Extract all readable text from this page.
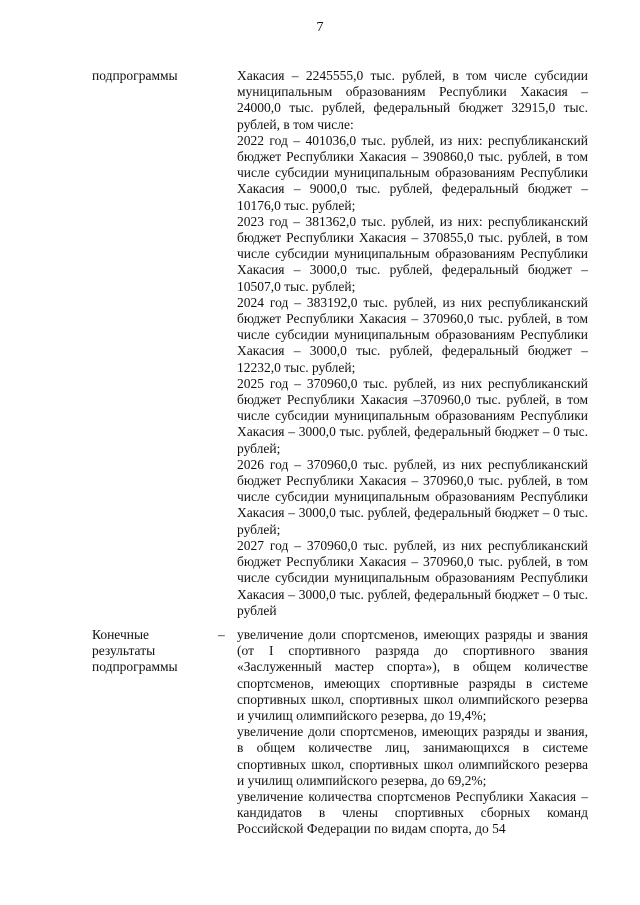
7
подпрограммы	Хакасия – 2245555,0 тыс. рублей, в том числе субсидии муниципальным образованиям Республики Хакасия – 24000,0 тыс. рублей, федеральный бюджет 32915,0 тыс. рублей, в том числе:

2022 год – 401036,0 тыс. рублей, из них: республиканский бюджет Республики Хакасия – 390860,0 тыс. рублей, в том числе субсидии муниципальным образованиям Республики Хакасия – 9000,0 тыс. рублей, федеральный бюджет – 10176,0 тыс. рублей;

2023 год – 381362,0 тыс. рублей, из них: республиканский бюджет Республики Хакасия – 370855,0 тыс. рублей, в том числе субсидии муниципальным образованиям Республики Хакасия – 3000,0 тыс. рублей, федеральный бюджет – 10507,0 тыс. рублей;

2024 год – 383192,0 тыс. рублей, из них республиканский бюджет Республики Хакасия – 370960,0 тыс. рублей, в том числе субсидии муниципальным образованиям Республики Хакасия – 3000,0 тыс. рублей, федеральный бюджет – 12232,0 тыс. рублей;

2025 год – 370960,0 тыс. рублей, из них республиканский бюджет Республики Хакасия –370960,0 тыс. рублей, в том числе субсидии муниципальным образованиям Республики Хакасия – 3000,0 тыс. рублей, федеральный бюджет – 0 тыс. рублей;

2026 год – 370960,0 тыс. рублей, из них республиканский бюджет Республики Хакасия – 370960,0 тыс. рублей, в том числе субсидии муниципальным образованиям Республики Хакасия – 3000,0 тыс. рублей, федеральный бюджет – 0 тыс. рублей;

2027 год – 370960,0 тыс. рублей, из них республиканский бюджет Республики Хакасия – 370960,0 тыс. рублей, в том числе субсидии муниципальным образованиям Республики Хакасия – 3000,0 тыс. рублей, федеральный бюджет – 0 тыс. рублей

Конечные
результаты
подпрограммы
– увеличение доли спортсменов, имеющих разряды и звания (от I спортивного разряда до спортивного звания «Заслуженный мастер спорта»), в общем количестве спортсменов, имеющих спортивные разряды в системе спортивных школ, спортивных школ олимпийского резерва и училищ олимпийского резерва, до 19,4%;

увеличение доли спортсменов, имеющих разряды и звания, в общем количестве лиц, занимающихся в системе спортивных школ, спортивных школ олимпийского резерва и училищ олимпийского резерва, до 69,2%;

увеличение количества спортсменов Республики Хакасия – кандидатов в члены спортивных сборных команд Российской Федерации по видам спорта, до 54
